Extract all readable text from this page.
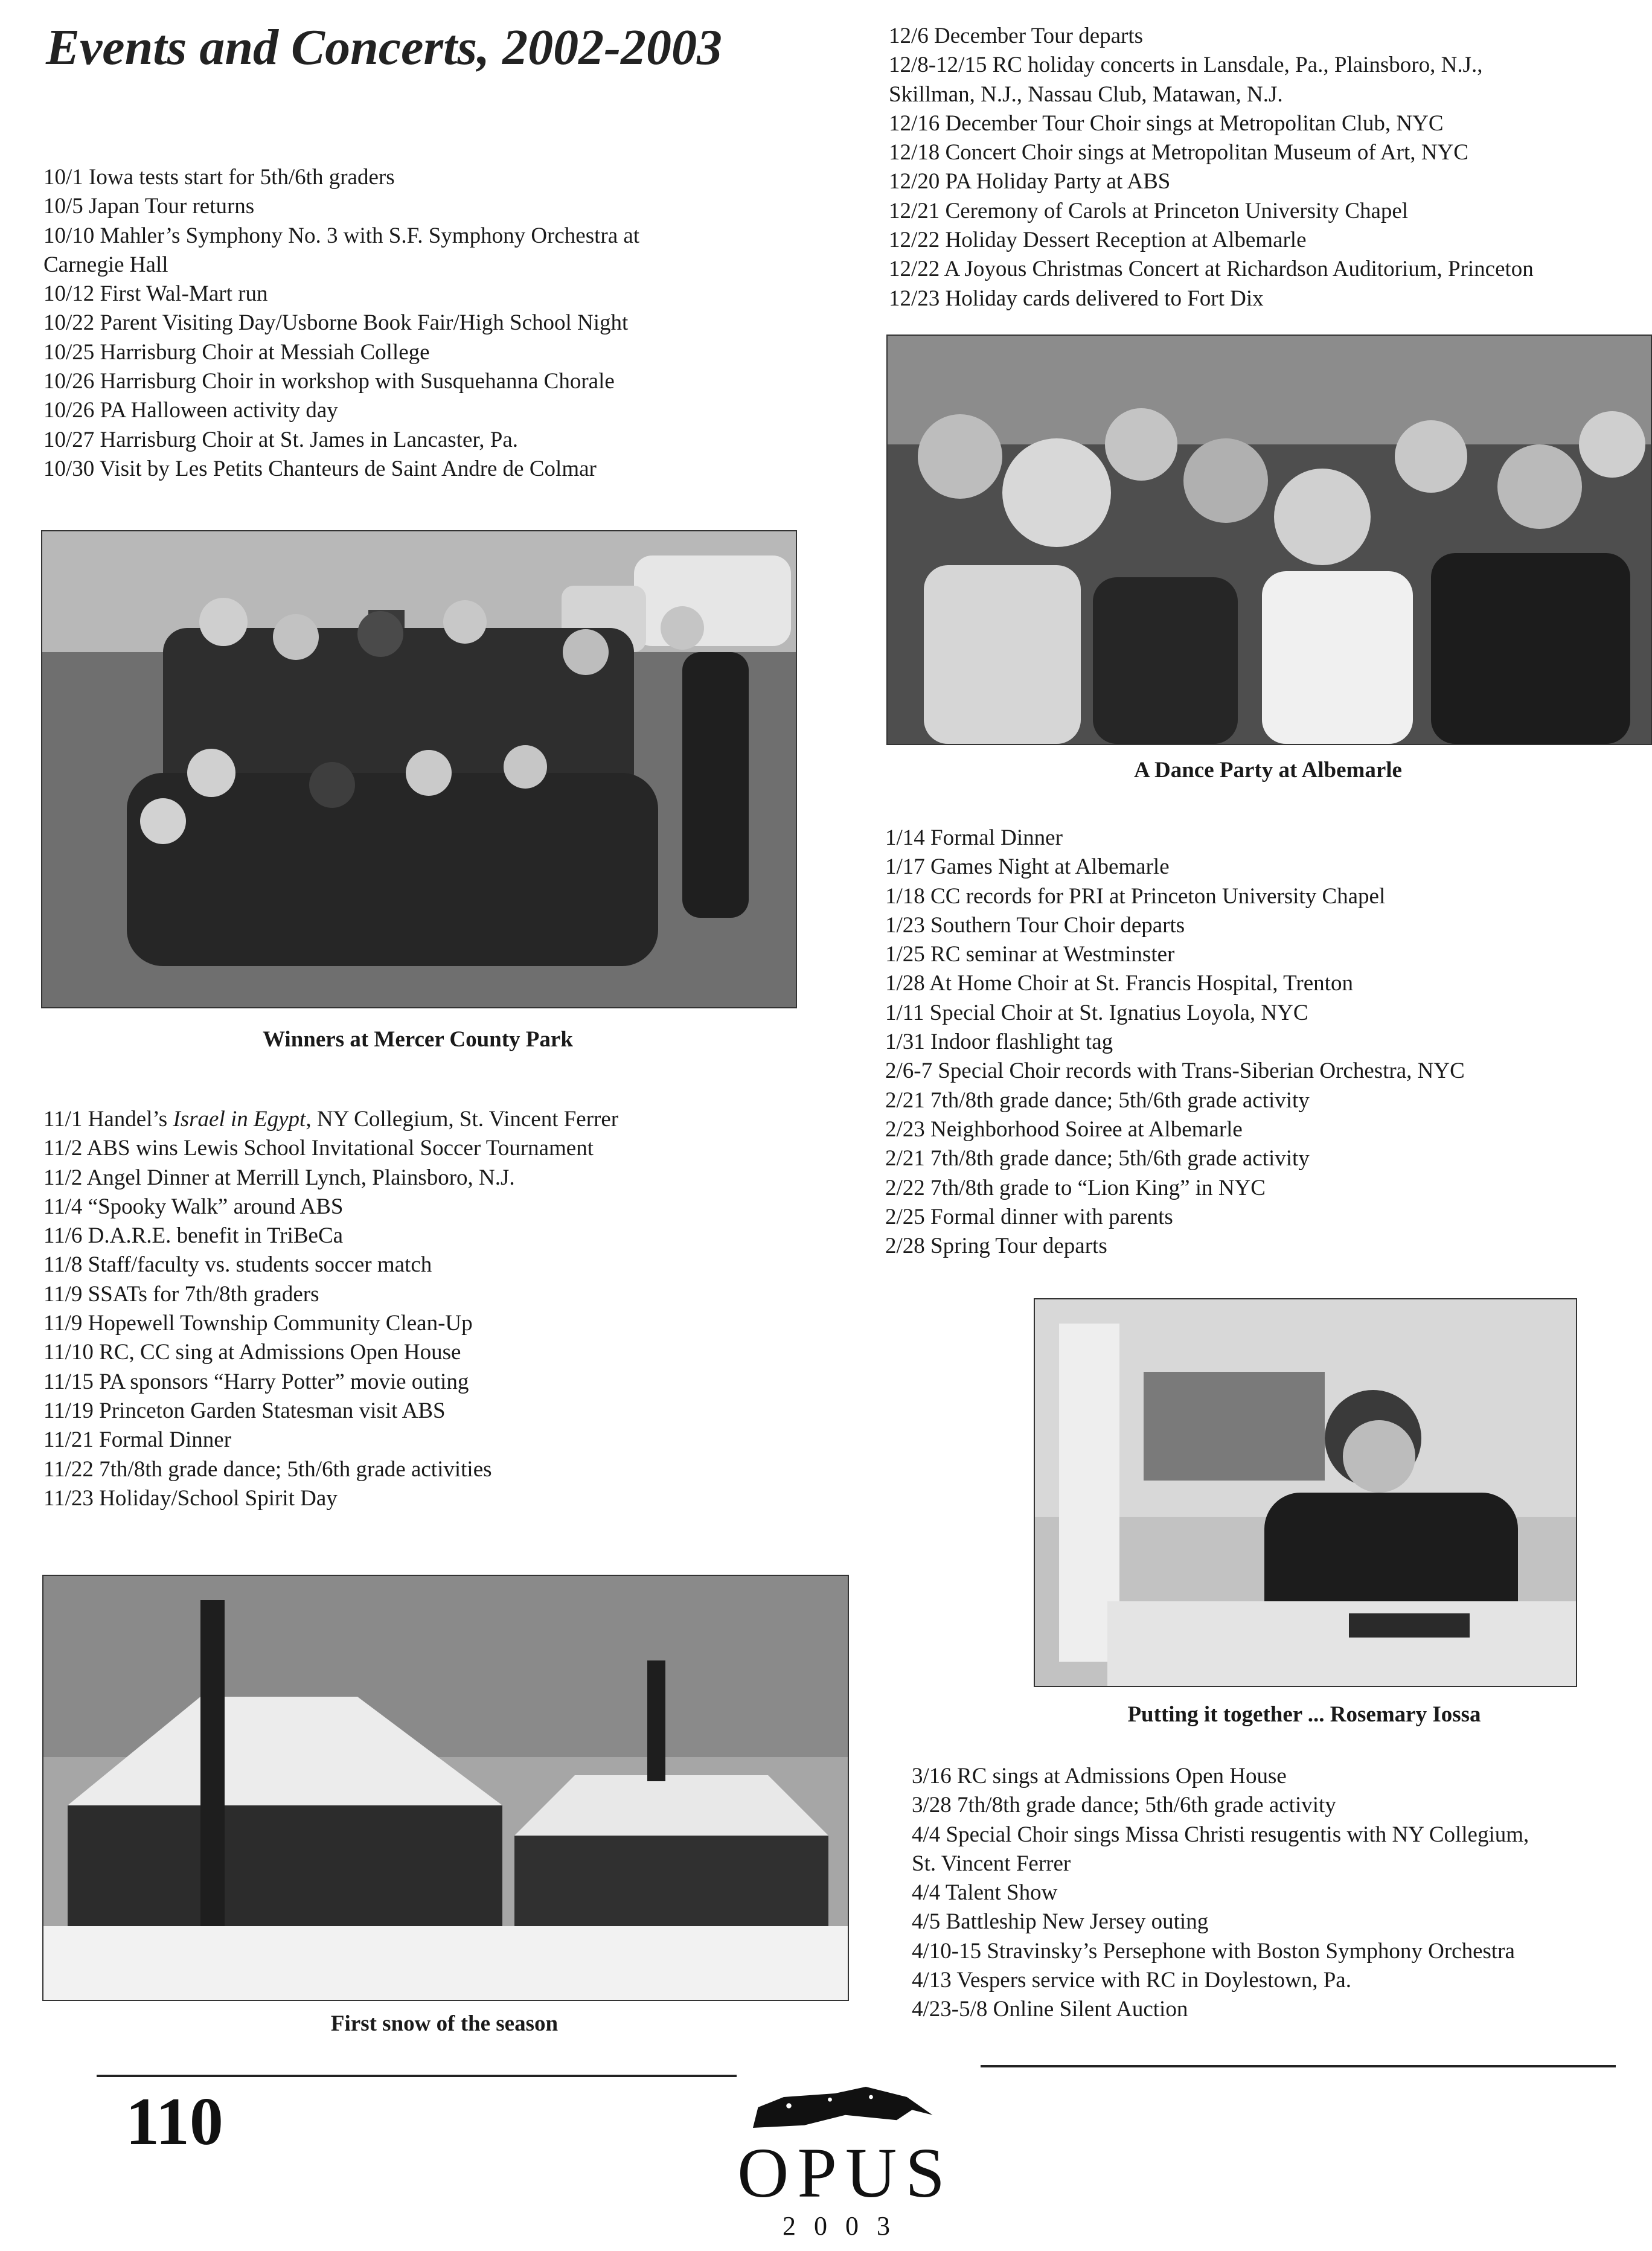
Events and Concerts, 2002-2003
10/1 Iowa tests start for 5th/6th graders
10/5 Japan Tour returns
10/10 Mahler’s Symphony No. 3 with S.F. Symphony Orchestra at
Carnegie Hall
10/12 First Wal-Mart run
10/22 Parent Visiting Day/Usborne Book Fair/High School Night
10/25 Harrisburg Choir at Messiah College
10/26 Harrisburg Choir in workshop with Susquehanna Chorale
10/26 PA Halloween activity day
10/27 Harrisburg Choir at St. James in Lancaster, Pa.
10/30 Visit by Les Petits Chanteurs de Saint Andre de Colmar
Winners at Mercer County Park
11/1 Handel’s Israel in Egypt, NY Collegium, St. Vincent Ferrer
11/2 ABS wins Lewis School Invitational Soccer Tournament
11/2 Angel Dinner at Merrill Lynch, Plainsboro, N.J.
11/4 “Spooky Walk” around ABS
11/6 D.A.R.E. benefit in TriBeCa
11/8 Staff/faculty vs. students soccer match
11/9 SSATs for 7th/8th graders
11/9 Hopewell Township Community Clean-Up
11/10 RC, CC sing at Admissions Open House
11/15 PA sponsors “Harry Potter” movie outing
11/19 Princeton Garden Statesman visit ABS
11/21 Formal Dinner
11/22 7th/8th grade dance; 5th/6th grade activities
11/23 Holiday/School Spirit Day
First snow of the season
12/6 December Tour departs
12/8-12/15 RC holiday concerts in Lansdale, Pa., Plainsboro, N.J.,
Skillman, N.J., Nassau Club, Matawan, N.J.
12/16 December Tour Choir sings at Metropolitan Club, NYC
12/18 Concert Choir sings at Metropolitan Museum of Art, NYC
12/20 PA Holiday Party at ABS
12/21 Ceremony of Carols at Princeton University Chapel
12/22 Holiday Dessert Reception at Albemarle
12/22 A Joyous Christmas Concert at Richardson Auditorium, Princeton
12/23 Holiday cards delivered to Fort Dix
A Dance Party at Albemarle
1/14 Formal Dinner
1/17 Games Night at Albemarle
1/18 CC records for PRI at Princeton University Chapel
1/23 Southern Tour Choir departs
1/25 RC seminar at Westminster
1/28 At Home Choir at St. Francis Hospital, Trenton
1/11 Special Choir at St. Ignatius Loyola, NYC
1/31 Indoor flashlight tag
2/6-7 Special Choir records with Trans-Siberian Orchestra, NYC
2/21 7th/8th grade dance; 5th/6th grade activity
2/23 Neighborhood Soiree at Albemarle
2/21 7th/8th grade dance; 5th/6th grade activity
2/22 7th/8th grade to “Lion King” in NYC
2/25 Formal dinner with parents
2/28 Spring Tour departs
Putting it together ... Rosemary Iossa
3/16 RC sings at Admissions Open House
3/28 7th/8th grade dance; 5th/6th grade activity
4/4 Special Choir sings Missa Christi resugentis with NY Collegium,
St. Vincent Ferrer
4/4 Talent Show
4/5 Battleship New Jersey outing
4/10-15 Stravinsky’s Persephone with Boston Symphony Orchestra
4/13 Vespers service with RC in Doylestown, Pa.
4/23-5/8 Online Silent Auction
110
OPUS
2003
